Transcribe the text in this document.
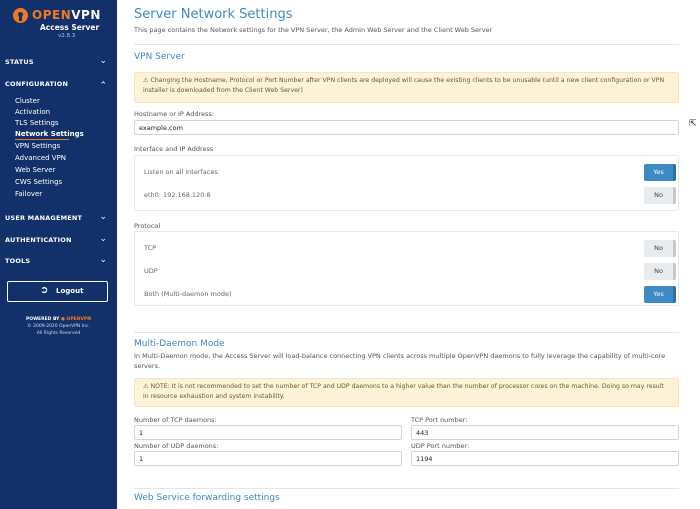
OPENVPN
Access Server
v2.8.3
STATUS	⌄
CONFIGURATION	⌃
Cluster
Activation
TLS Settings
Network Settings
VPN Settings
Advanced VPN
Web Server
CWS Settings
Failover
USER MANAGEMENT ⌄
AUTHENTICATION	⌄
TOOLS	⌄
➲ Logout
POWERED BY ● OPENVPN
© 2009-2020 OpenVPN Inc.
All Rights Reserved
Server Network Settings
This page contains the Network settings for the VPN Server, the Admin Web Server and the Client Web Server
VPN Server
⚠ Changing the Hostname, Protocol or Port Number after VPN clients are deployed will cause the existing clients to be unusable (until a new client configuration or VPN installer is downloaded from the Client Web Server)
Hostname or IP Address:
example.com
Interface and IP Address
Listen on all interfaces	Yes
eth0: 192.168.120.8	No
Protocol
TCP	No
UDP	No
Both (Multi-daemon mode)	Yes
Multi-Daemon Mode
In Multi-Daemon mode, the Access Server will load-balance connecting VPN clients across multiple OpenVPN daemons to fully leverage the capability of multi-core servers.
⚠ NOTE: It is not recommended to set the number of TCP and UDP daemons to a higher value than the number of processor cores on the machine. Doing so may result in resource exhaustion and system instability.
Number of TCP daemons:
1
TCP Port number:
443
Number of UDP daemons:
1
UDP Port number:
1194
Web Service forwarding settings
⇱
